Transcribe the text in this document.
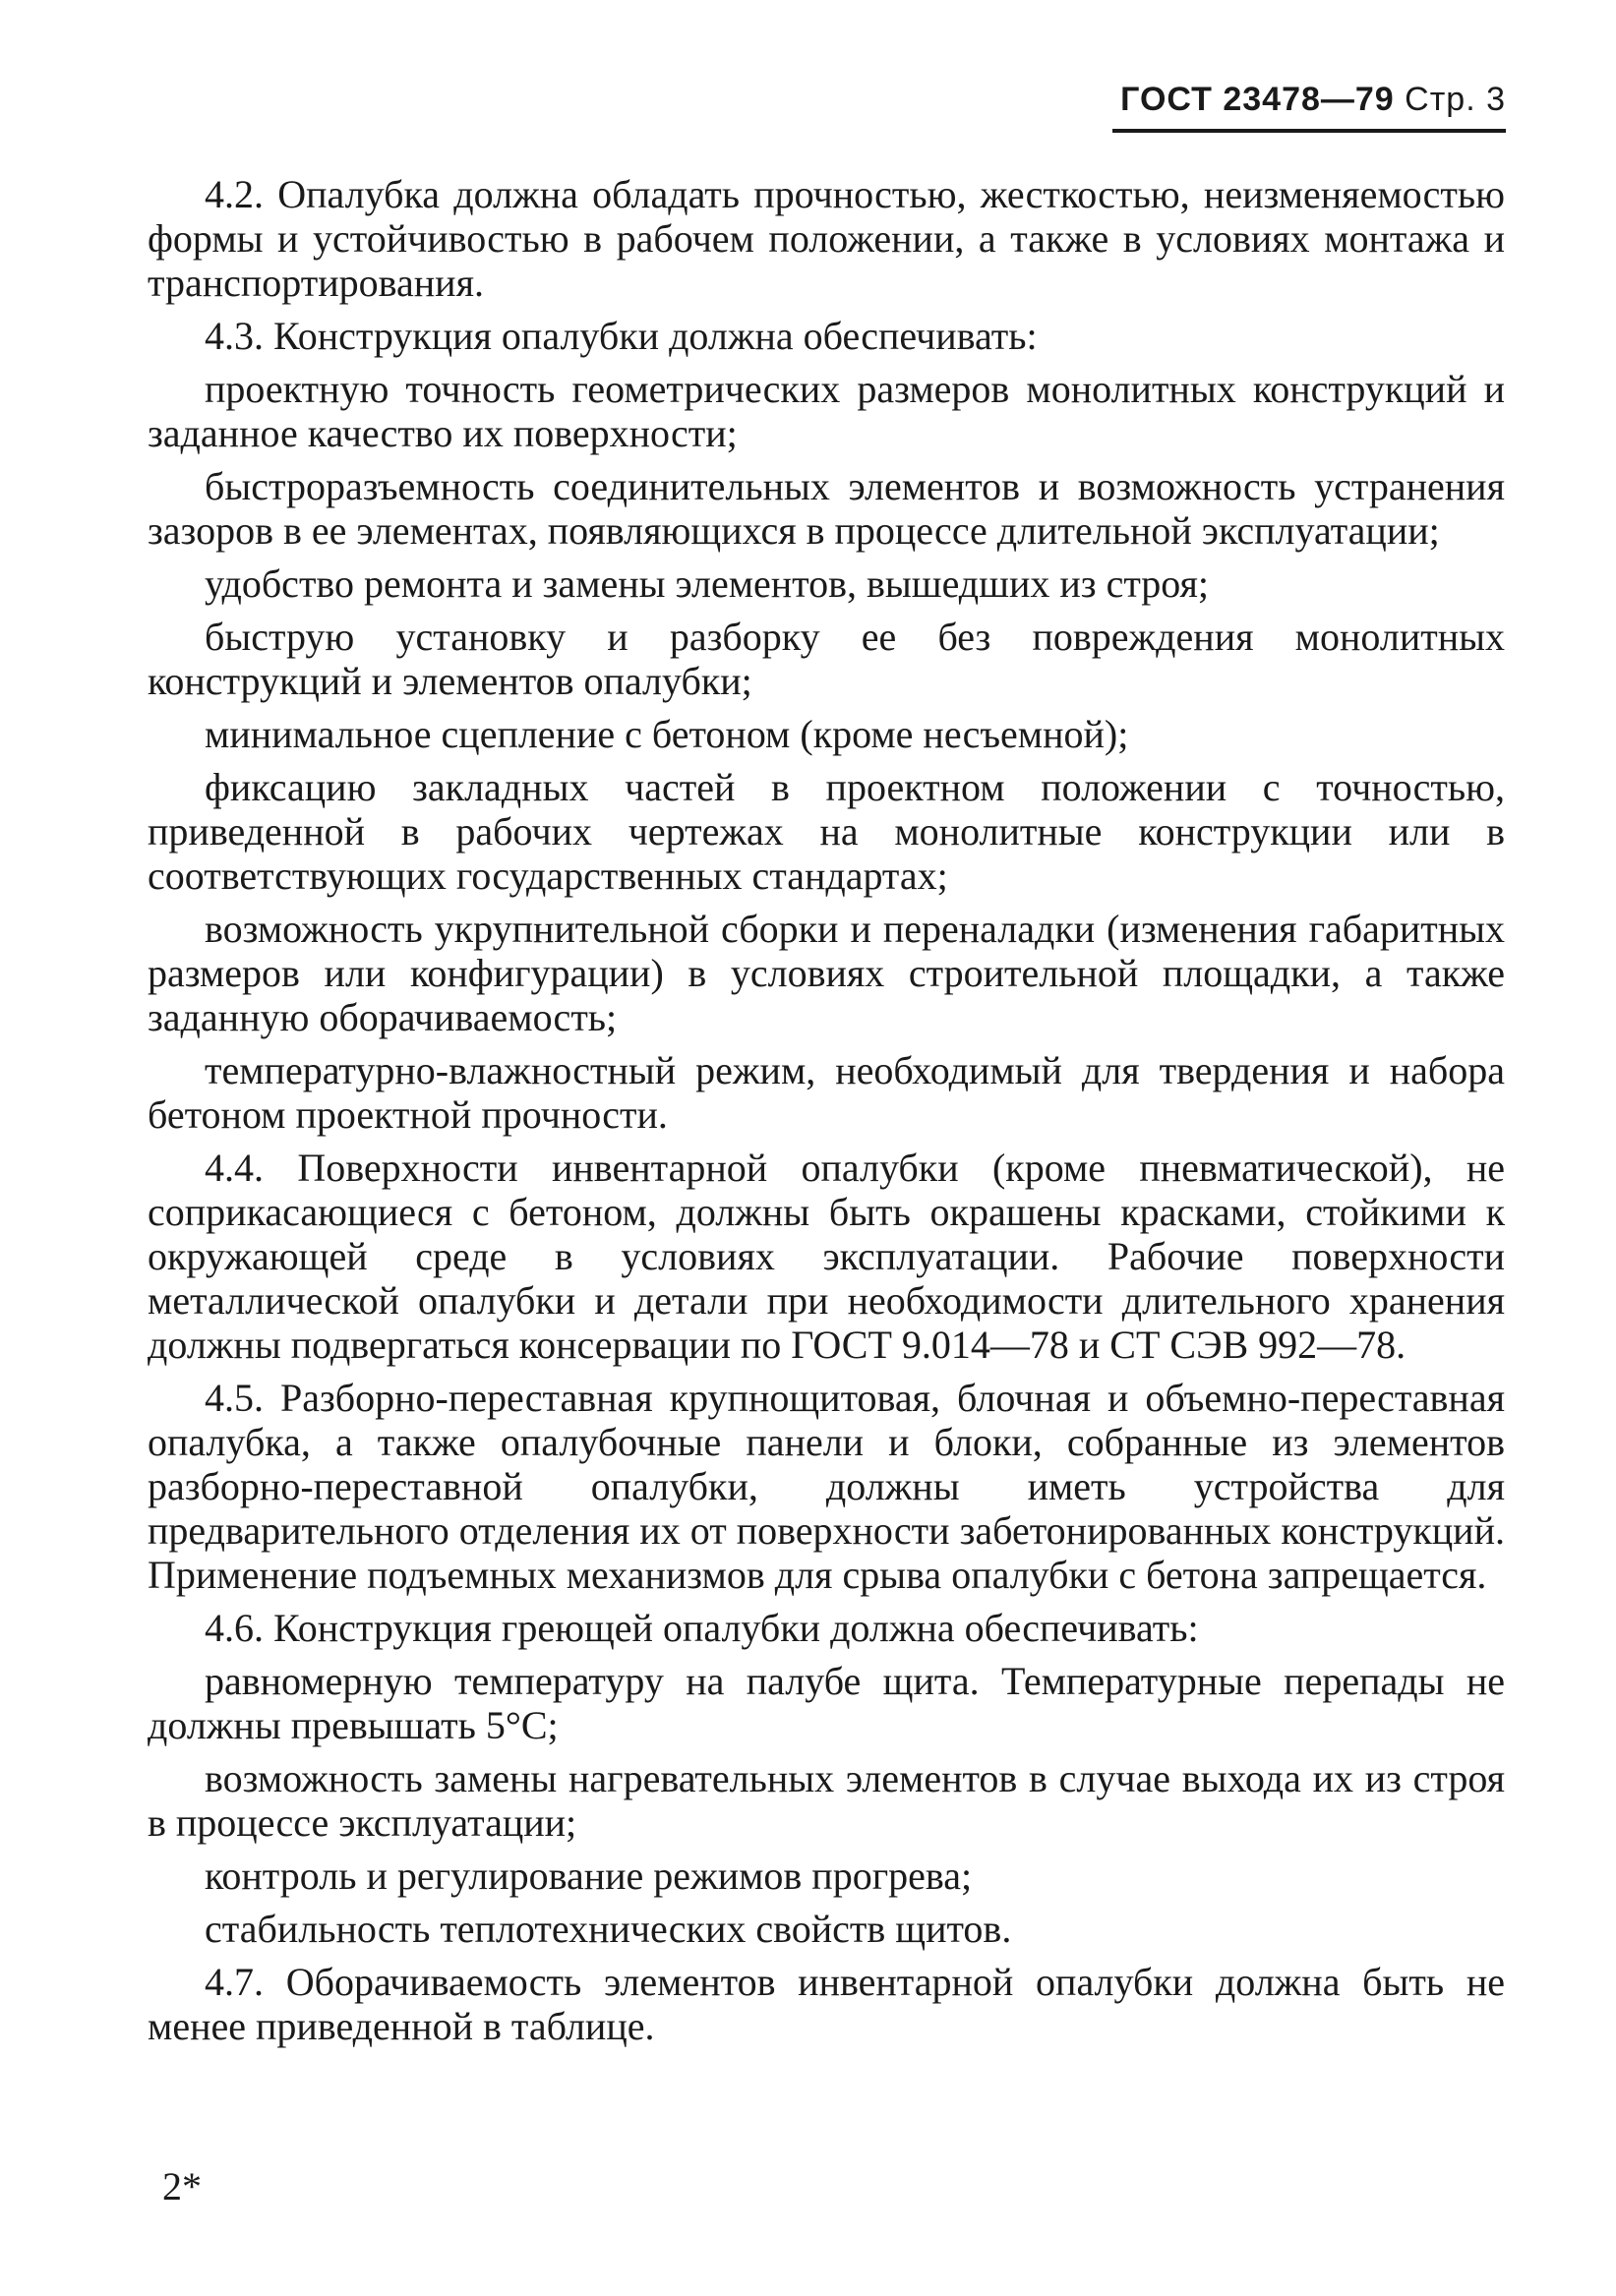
ГОСТ 23478—79 Стр. 3

4.2. Опалубка должна обладать прочностью, жесткостью, неизменяемостью формы и устойчивостью в рабочем положении, а также в условиях монтажа и транспортирования.

4.3. Конструкция опалубки должна обеспечивать:

проектную точность геометрических размеров монолитных конструкций и заданное качество их поверхности;

быстроразъемность соединительных элементов и возможность устранения зазоров в ее элементах, появляющихся в процессе длительной эксплуатации;

удобство ремонта и замены элементов, вышедших из строя;

быструю установку и разборку ее без повреждения монолитных конструкций и элементов опалубки;

минимальное сцепление с бетоном (кроме несъемной);

фиксацию закладных частей в проектном положении с точностью, приведенной в рабочих чертежах на монолитные конструкции или в соответствующих государственных стандартах;

возможность укрупнительной сборки и переналадки (изменения габаритных размеров или конфигурации) в условиях строительной площадки, а также заданную оборачиваемость;

температурно-влажностный режим, необходимый для твердения и набора бетоном проектной прочности.

4.4. Поверхности инвентарной опалубки (кроме пневматической), не соприкасающиеся с бетоном, должны быть окрашены красками, стойкими к окружающей среде в условиях эксплуатации. Рабочие поверхности металлической опалубки и детали при необходимости длительного хранения должны подвергаться консервации по ГОСТ 9.014—78 и СТ СЭВ 992—78.

4.5. Разборно-переставная крупнощитовая, блочная и объемно-переставная опалубка, а также опалубочные панели и блоки, собранные из элементов разборно-переставной опалубки, должны иметь устройства для предварительного отделения их от поверхности забетонированных конструкций. Применение подъемных механизмов для срыва опалубки с бетона запрещается.

4.6. Конструкция греющей опалубки должна обеспечивать:

равномерную температуру на палубе щита. Температурные перепады не должны превышать 5°С;

возможность замены нагревательных элементов в случае выхода их из строя в процессе эксплуатации;

контроль и регулирование режимов прогрева;

стабильность теплотехнических свойств щитов.

4.7. Оборачиваемость элементов инвентарной опалубки должна быть не менее приведенной в таблице.

2*
